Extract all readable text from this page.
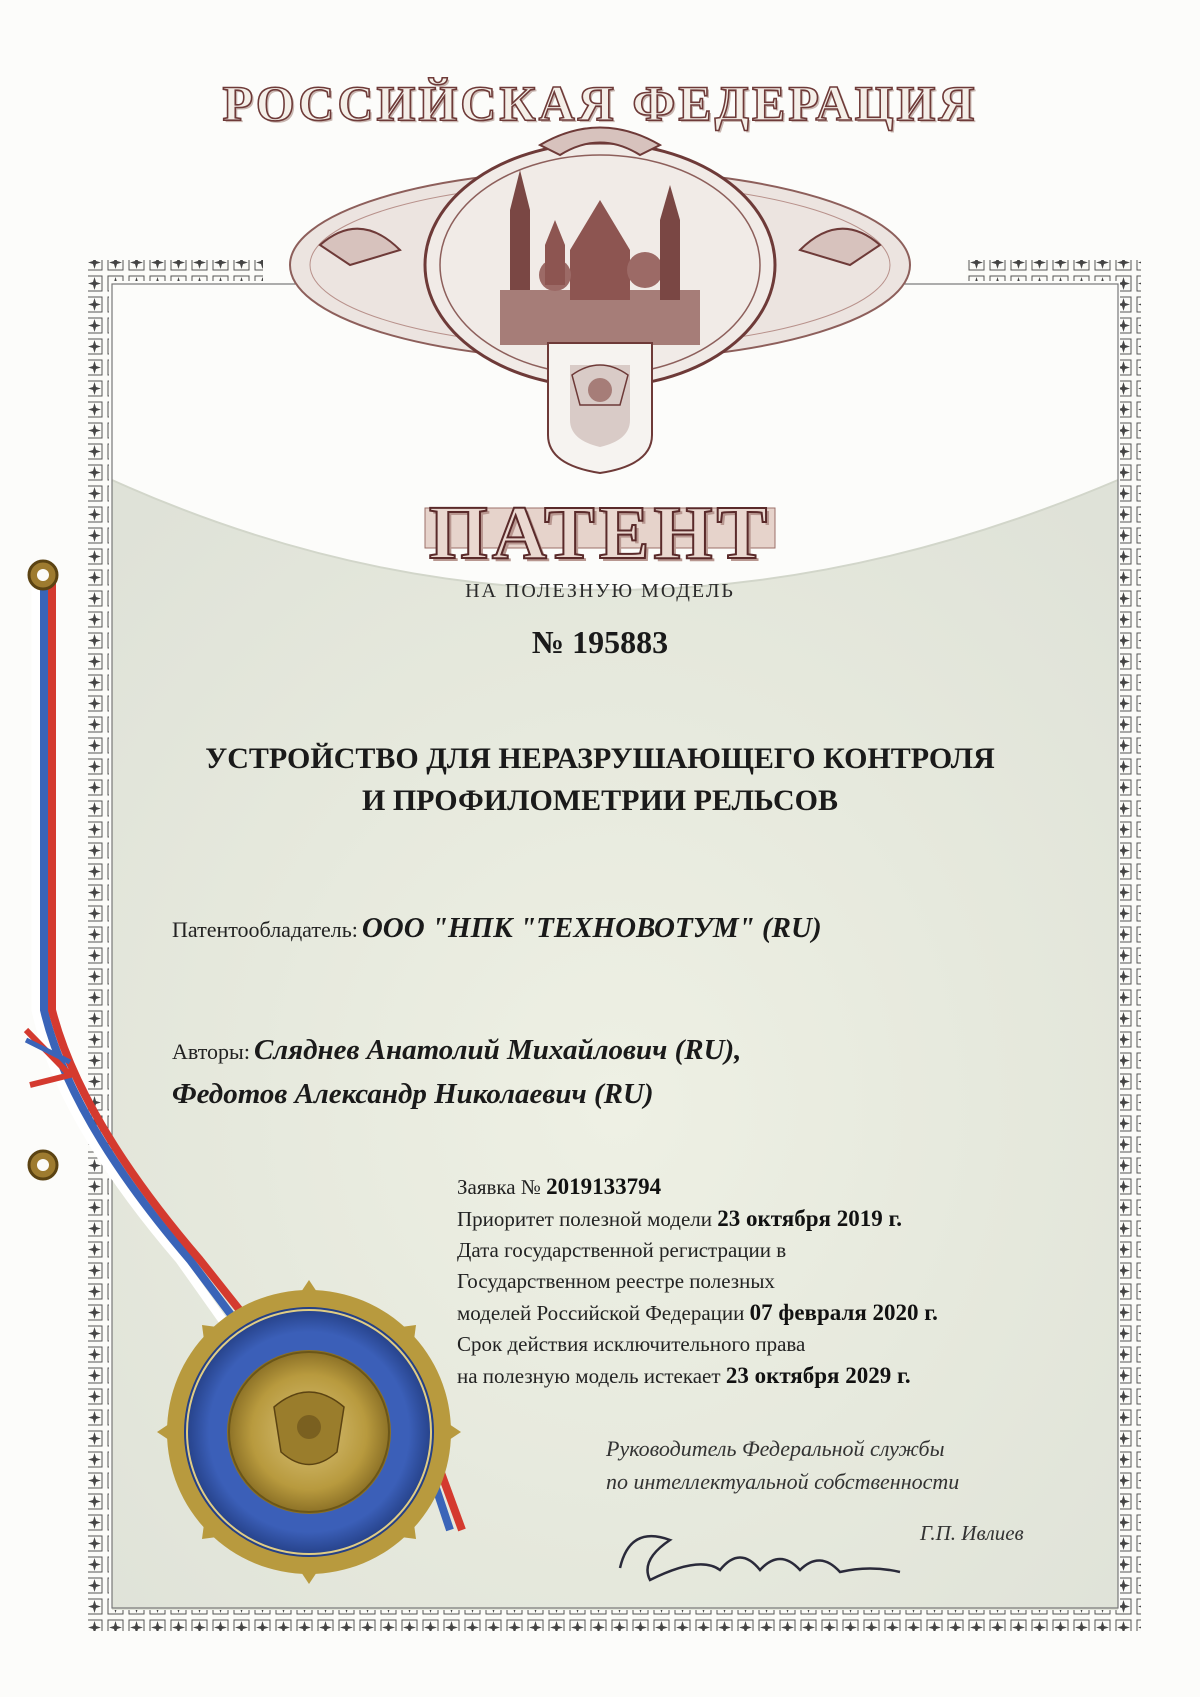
РОССИЙСКАЯ ФЕДЕРАЦИЯ
ПАТЕНТ
НА ПОЛЕЗНУЮ МОДЕЛЬ
№ 195883
УСТРОЙСТВО ДЛЯ НЕРАЗРУШАЮЩЕГО КОНТРОЛЯ
И ПРОФИЛОМЕТРИИ РЕЛЬСОВ
Патентообладатель: ООО "НПК "ТЕХНОВОТУМ" (RU)
Авторы: Сляднев Анатолий Михайлович (RU),
Федотов Александр Николаевич (RU)
Заявка № 2019133794
Приоритет полезной модели 23 октября 2019 г.
Дата государственной регистрации в
Государственном реестре полезных
моделей Российской Федерации 07 февраля 2020 г.
Срок действия исключительного права
на полезную модель истекает 23 октября 2029 г.
Руководитель Федеральной службы
по интеллектуальной собственности
Г.П. Ивлиев
